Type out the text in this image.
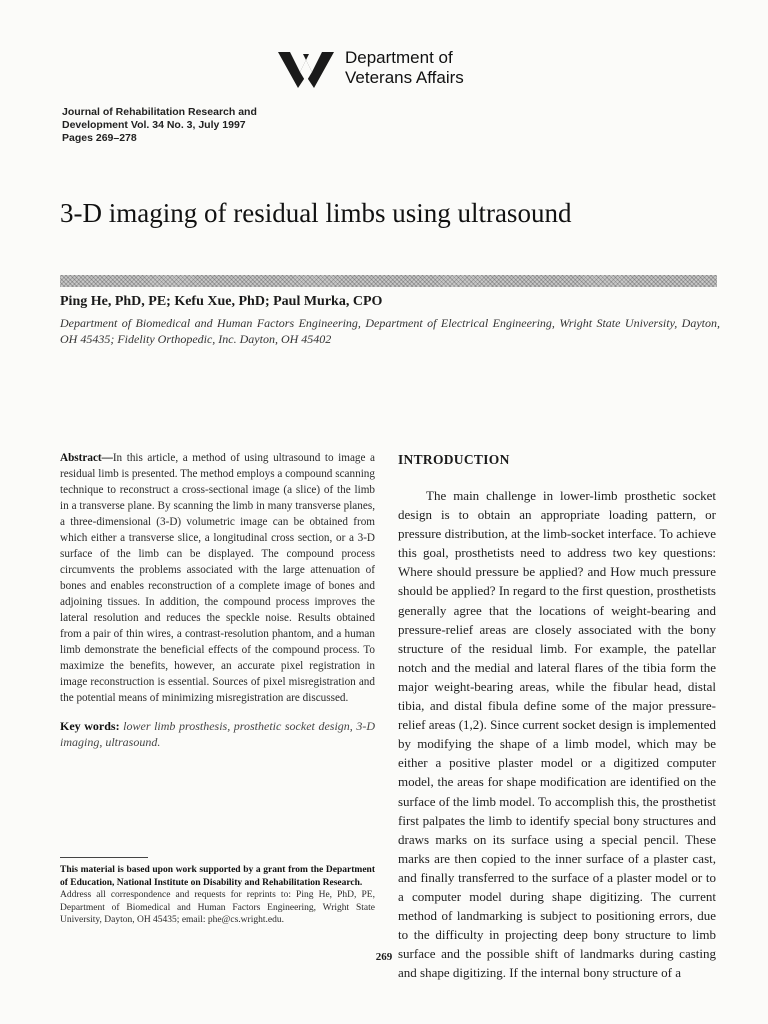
Department of
Veterans Affairs
Journal of Rehabilitation Research and
Development Vol. 34 No. 3, July 1997
Pages 269–278
3-D imaging of residual limbs using ultrasound
Ping He, PhD, PE; Kefu Xue, PhD; Paul Murka, CPO
Department of Biomedical and Human Factors Engineering, Department of Electrical Engineering, Wright State University, Dayton, OH 45435; Fidelity Orthopedic, Inc. Dayton, OH 45402
Abstract—In this article, a method of using ultrasound to image a residual limb is presented. The method employs a compound scanning technique to reconstruct a cross-sectional image (a slice) of the limb in a transverse plane. By scanning the limb in many transverse planes, a three-dimensional (3-D) volumetric image can be obtained from which either a transverse slice, a longitudinal cross section, or a 3-D surface of the limb can be displayed. The compound process circumvents the problems associated with the large attenuation of bones and enables reconstruction of a complete image of bones and adjoining tissues. In addition, the compound process improves the lateral resolution and reduces the speckle noise. Results obtained from a pair of thin wires, a contrast-resolution phantom, and a human limb demonstrate the beneficial effects of the compound process. To maximize the benefits, however, an accurate pixel registration in image reconstruction is essential. Sources of pixel misregistration and the potential means of minimizing misregistration are discussed.
Key words: lower limb prosthesis, prosthetic socket design, 3-D imaging, ultrasound.
This material is based upon work supported by a grant from the Department of Education, National Institute on Disability and Rehabilitation Research.
Address all correspondence and requests for reprints to: Ping He, PhD, PE, Department of Biomedical and Human Factors Engineering, Wright State University, Dayton, OH 45435; email: phe@cs.wright.edu.
INTRODUCTION
The main challenge in lower-limb prosthetic socket design is to obtain an appropriate loading pattern, or pressure distribution, at the limb-socket interface. To achieve this goal, prosthetists need to address two key questions: Where should pressure be applied? and How much pressure should be applied? In regard to the first question, prosthetists generally agree that the locations of weight-bearing and pressure-relief areas are closely associated with the bony structure of the residual limb. For example, the patellar notch and the medial and lateral flares of the tibia form the major weight-bearing areas, while the fibular head, distal tibia, and distal fibula define some of the major pressure-relief areas (1,2). Since current socket design is implemented by modifying the shape of a limb model, which may be either a positive plaster model or a digitized computer model, the areas for shape modification are identified on the surface of the limb model. To accomplish this, the prosthetist first palpates the limb to identify special bony structures and draws marks on its surface using a special pencil. These marks are then copied to the inner surface of a plaster cast, and finally transferred to the surface of a plaster model or to a computer model during shape digitizing. The current method of landmarking is subject to positioning errors, due to the difficulty in projecting deep bony structure to limb surface and the possible shift of landmarks during casting and shape digitizing. If the internal bony structure of a
269
